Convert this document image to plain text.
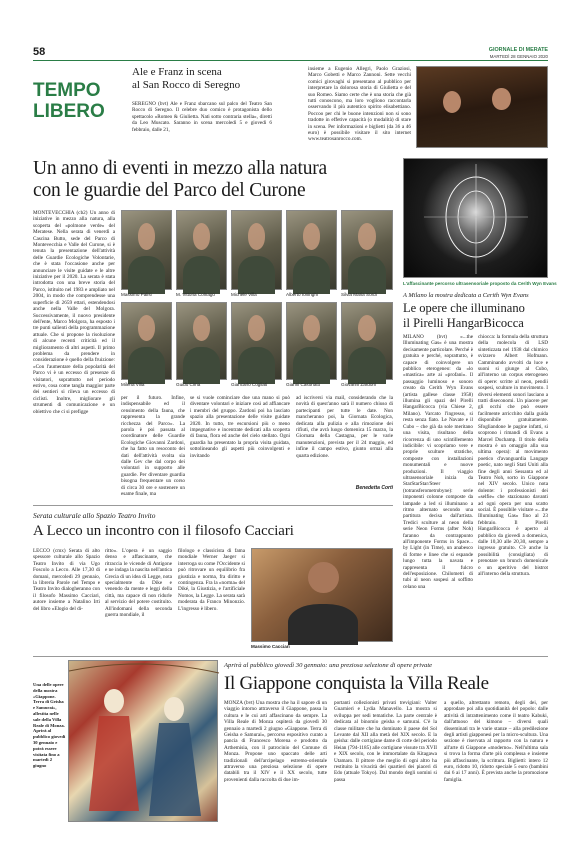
58	GIORNALE DI MERATE
MARTEDÌ 28 GENNAIO 2020
TEMPO
LIBERO
Ale e Franz in scena
al San Rocco di Seregno
SEREGNO (bvt) Ale e Franz sbarcano sul palco del Teatro San Rocco di Seregno. Il celebre duo comico è protagonista dello spettacolo «Romeo & Giulietta. Nati sotto contraria stella», diretti da Leo Muscato. Saranno in scena mercoledì 5 e giovedì 6 febbraio, dalle 21,
insieme a Eugenio Allegri, Paolo Graziosi, Marco Gobetti e Marco Zannoni. Sette vecchi comici girovaghi si presentano al pubblico per interpretare la dolorosa storia di Giulietta e del suo Romeo. Siamo certe che è una storia che già tutti conoscono, ma loro vogliono raccontarla osservando il più autentico spirito elisabettiano. Poccoo per chi le buone intenzioni non si sono tradotte in effetive capacità (o modalità) di stare in scena. Per informazioni e biglietti (da 36 a 46 euro) è possibile visitare il sito internet www.teatrosanrocco.com.
Un anno di eventi in mezzo alla natura
con le guardie del Parco del Curone
MONTEVECCHIA (cb2) Un anno di iniziative in mezzo alla natura, alla scoperta del «polmone verde» del Meratese. Nella serata di venerdì a Cascina Butto, sede del Parco di Montevecchia e Valle del Curone, si è tenuta la presentazione dell'attività delle Guardie Ecologiche Volontarie, che è stata l'occasione anche per annunciare le visite guidate e le altre iniziative per il 2020. La serata è stata introdotta con una breve storia del Parco, istituito nel 1983 e ampliato nel 2004, in modo che comprendesse una superficie di 2659 ettari, estendendosi anche nella Valle del Molgora. Successivamente, il nuovo presidente dell'ente, Marco Molgora, ha esposto i tre punti salienti della programmazione attuale. Che si propone la risoluzione di alcune recenti criticità ed il miglioramento di altri aspetti. Il primo problema da prendere in considerazione è quello della fruizione: «Con l'aumentare della popolarità del Parco vi è un eccesso di presenze di visitatori, soprattutto nel periodo estivo, cosa come tangla maggior parte dei sentieri si rileva un eccesso di ciclisti. Inoltre, migliorare gli strumenti di comunicazione e un obiettivo che ci si prefigge
Massimo Palisi	M. Vittoria Colnago	Michele Villa	Alberto Ioninghi	Silvia Maria Sordi
Milena Villa	Guido Cima	Giancarlo Cogliati	Gianni Casonato	Giovanni Zardoni
per il futuro. Infine, indispensabile ed il censimento della fauna, che rappresenta la grande ricchezza del Parco». La parola è poi passata al coordinatore delle Guardie Ecologiche Giovanni Zardoni, che ha fatto un resoconto dei dati dell'attività svolta sia dalle Gev che dal corpo dei volontari in supporto alle guardie. Per diventare guardia bisogna frequentare un corso di circa 30 ore e sostenere un esame finale, ma
se si vuole cominciare due una mano si può diventare volontari e iniziare così ad affiancare i membri del gruppo. Zardoni poi ha lasciato spazio alla presentazione delle visite guidate 2020. In tutto, tre escursioni più o meno impegnative e incentrate dedicati alla scoperta di fauna, flora ed anche del cielo stellato. Ogni guardia ha presentato la propria visita guidata, sottolineando gli aspetti più coinvolgenti e invitando
ad iscriversi via mail, considerando che la novità di quest'anno sarà il numero chiuso di partecipanti per tutte le date. Non mancheranno poi, la Giornata Ecologica, dedicata alla pulizia e alla rimozione dei rifiuti, che avrà luogo domenica 15 marzo, la Giornata della Castagna, per le varie manutenzioni, prevista per il 24 maggio, ed infine il campo estivo, giunto ormai alla quarta edizione.
Benedetta Corti
L'affascinante percorso ultrasensoriale proposto da Cerith Wyn Evans
A Milano la mostra dedicata a Cerith Wyn Evans
Le opere che illuminano
il Pirelli HangarBicocca
MILANO (bvt) «...the Illuminating Gas» è una mostra decisamente particolare. Perché è gratuita e perché, soprattutto, è capace di coinvolgere un pubblico eterogeneo: da «lo «mastica» arte ai «profani». Il passaggio luminoso e sonoro creato da Cerith Wyn Evans (artista gallese classe 1958) illumina gli spazi del Pirelli HangarBicocca (via Chiese 2, Milano). Varcato l'ingresso, si resta senza fiato. Le Navate e il Cubo – che già da sole meritano una visita, risultano della ricorrenza di uno scintillemento indicibile: vi scopriamo vere e proprie sculture stratiche, composte con installazioni monumentali e nuove produzioni. Il viaggio ultrasensoriale inizia da StarStarStar/Steer (totransferometrobyne): serie imponenti colonne composte da lampade a led si illuminano a ritmo alternato secondo una partitura decisa dall'artista. Tredici sculture al neon della serie Neon Forms (after Noh) faranno da contrappunto all'imponente Forms in Space... by Light (in Time), un anabesco di forme e linee che si espande lungo tutta la navata e rappresenta il fulcro dell'esposizione. Chilometri di tubi al neon sospesi al soffitto celano una
chiocca: la formula della struttura della molecola di LSD sintetizzata nel 1938 dal chimico svizzero Albert Hofmann. Camminando avvolti da luce e suoni si giunge al Cubo, all'interno un corpus eterogeneo di opere: scritte al neon, pendii sospesi, sculture in movimento. I diversi elementi sonori lasciano a tratti diseconomi. Un piacere per gli occhi che può essere facilmente arricchito dalla guida disponibile gratuitamente. Sfogliandone le pagine infatti, si scoprono i rimandi di Evans a Marcel Duchamp. Il titolo della mostra è un omaggio alla sua ultima opera): al movimento poetico d'avanguardia Langage poetic, nato negli Stati Uniti alla fine degli anni Sessanta ed al Teatro Noh, sorto in Giappone nel XIV secolo. Unico nota dolente: i professionisti dei «selfie» che stazionano davanti ad ogni opera per una scatto social. È possibile visitare «...the Illuminating Gas» fino al 23 febbraio. Il Pirelli HangarBicocca è aperto al pubblico da giovedì a domenica, dalle 10,30 alle 20,30, sempre a ingresso gratuito. C'è anche la possibilità (consigliata) di prenotare un brunch domenicale o un aperitivo del bistrot all'interno della struttura.
Serata culturale allo Spazio Teatro Invito
A Lecco un incontro con il filosofo Cacciari
LECCO (cmx) Serata di alto spessore culturale allo Spazio Teatro Invito di via Ugo Foscolo a Lecco. Alle 17,30 di domani, mercoledì 29 gennaio, la libreria Parole nel Tempo e Teatro Invito dialogheranno con il filosofo Massimo Cacciari, autore insieme a Natalino Irti del libro «Elogio del di-
ritto». L'opera è un saggio denso e affascinante, che ritraccia le vicende di Antigone e ne indaga la nascita nell'antica Grecia di un idea di Legge, nota specialmente da Dike e venendo da mente e leggi della città, ma capace di non ridurle al servizio del potere costituito. All'indomani della seconda guerra mondiale, il
filologo e classicista di fama mondiale Werner Jaeger si interroga su come l'Occidente si può ritrovare un equilibrio fra giustizia e norma, fra diritto e contingenza. Fra la «norma» del Diké, la Giustizia, e l'artificiale Nomos, la Legge. La serata sarà moderata da Franco Minonzio. L'ingresso è libero.
Massimo Cacciari
Una delle opere della mostra «Giappone. Terra di Geisha e Samurai», allestita nelle sale della Villa Reale di Monza. Aprirà al pubblico giovedì 30 gennaio e potrà essere visitata fino a martedì 2 giugno
Aprirà al pubblico giovedì 30 gennaio: una preziosa selezione di opere private
Il Giappone conquista la Villa Reale
MONZA (bvt) Una mostra che ha il sapore di un viaggio intorno attraverso il Giappone, passa la cultura e le cui arti affascinano da sempre. La Villa Reale di Monza ospiterà da giovedì 30 gennaio a martedì 2 giugno «Giappone. Terra di Geisha e Samurai», percorso espositivo curato a pancia di Francesco Morena e prodotto da Arthemisia, con il patrocinio del Comune di Monza. Propone uno spaccato delle arti tradizionali dell'arcipelago estremo-orientale attraverso una preziosa selezione di opere databili tra il XIV e il XX secolo, tutte provenienti dalla raccolta di due im-
portanti collezionisti privati trevigiani: Valter Guarnieri e Lydia Manavello. La mostra si sviluppa per sedi tematiche. La parte centrale è dedicata al binomio geisha e samurai. C'è la classe militare che ha dominato il paese del Sol Levante dal XII alla metà del XIX secolo. E la geisha: dalle cortigiane dame di corte del periodo Heian (794-1185) alle cortigiane vissute tra XVII e XIX secolo, con le immortalate da Kitagawa Utamaro. Il pittore che meglio di ogni altro ha restituito la vivacità dei quartieri dei piaceri di Edo (attuale Tokyo). Dal mondo degli uomini si passa
a quello, altrettanto remoto, degli dei, per approdare poi alla quotidianità del popolo: dalle attività di intrattenimento come il teatro Kabuki, dall'attuoso del kimono – diversi quali disseminati tra le varie stanze – alla predilezione degli artisti giapponesi per la micro-scultura. Una sezione è riservata al rapporto con la natura e all'arte di Giappone «moderno». Nell'ultima sala si trova la forma d'arte più complessa e insieme più affascinante, la scrittura. Biglietti: intero 12 euro, ridotto 10, ridotto speciale 5 euro (bambini dai 6 ai 17 anni). È prevista anche la promozione famiglia.
